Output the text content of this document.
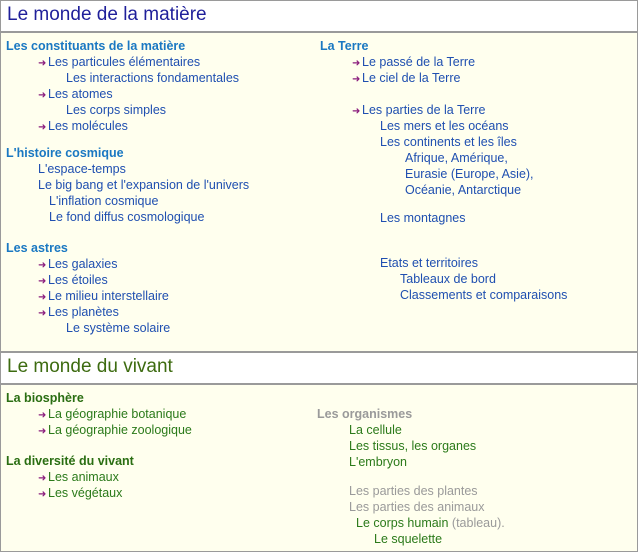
Le monde de la matière
Les constituants de la matière
➜ Les particules élémentaires
Les interactions fondamentales
➜ Les atomes
Les corps simples
➜ Les molécules
L'histoire cosmique
L'espace-temps
Le big bang et l'expansion de l'univers
L'inflation cosmique
Le fond diffus cosmologique
Les astres
➜ Les galaxies
➜ Les étoiles
➜ Le milieu interstellaire
➜ Les planètes
Le système solaire
La Terre
➜ Le passé de la Terre
➜ Le ciel de la Terre
➜ Les parties de la Terre
Les mers et les océans
Les continents et les îles
Afrique, Amérique,
Eurasie (Europe, Asie),
Océanie, Antarctique
Les montagnes
Etats et territoires
Tableaux de bord
Classements et comparaisons
Le monde du vivant
La biosphère
➜ La géographie botanique
➜ La géographie zoologique
La diversité du vivant
➜ Les animaux
➜ Les végétaux
Les organismes
La cellule
Les tissus, les organes
L'embryon
Les parties des plantes
Les parties des animaux
Le corps humain (tableau).
Le squelette
